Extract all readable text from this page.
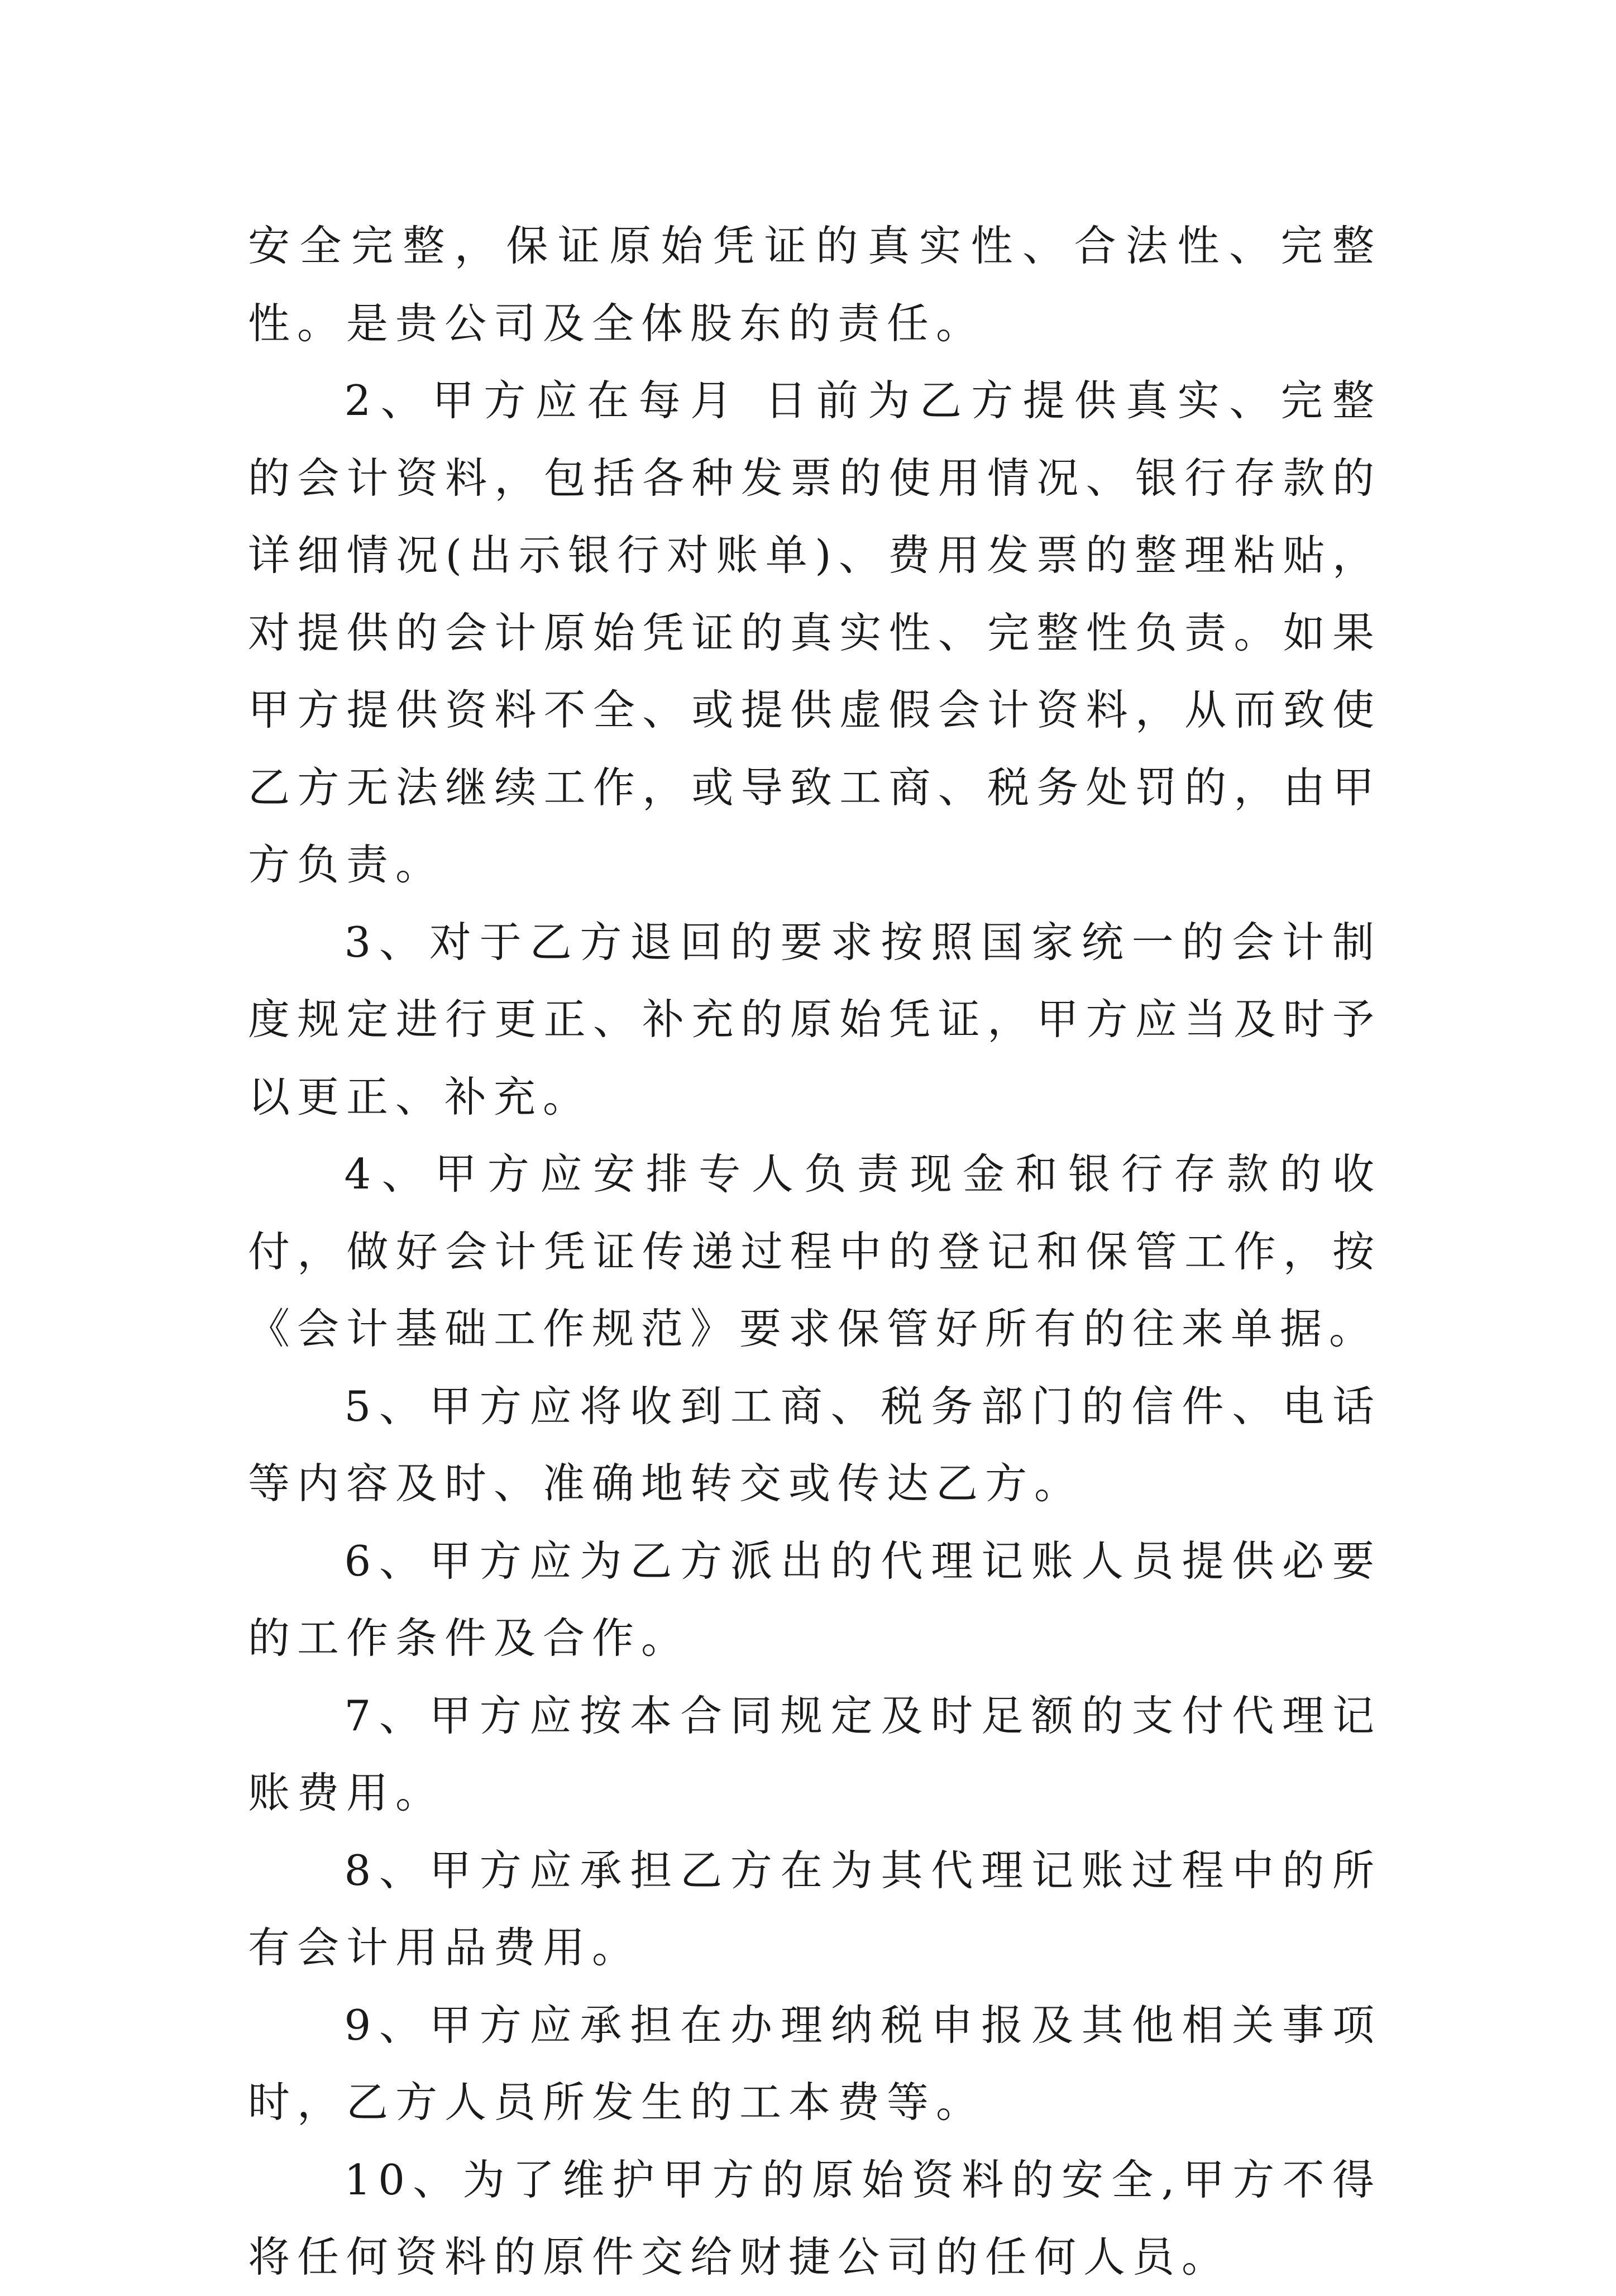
安全完整，保证原始凭证的真实性、合法性、完整性。是贵公司及全体股东的责任。

2、甲方应在每月 日前为乙方提供真实、完整的会计资料，包括各种发票的使用情况、银行存款的详细情况(出示银行对账单)、费用发票的整理粘贴，对提供的会计原始凭证的真实性、完整性负责。如果甲方提供资料不全、或提供虚假会计资料，从而致使乙方无法继续工作，或导致工商、税务处罚的，由甲方负责。

3、对于乙方退回的要求按照国家统一的会计制度规定进行更正、补充的原始凭证，甲方应当及时予以更正、补充。

4、甲方应安排专人负责现金和银行存款的收付，做好会计凭证传递过程中的登记和保管工作，按《会计基础工作规范》要求保管好所有的往来单据。

5、甲方应将收到工商、税务部门的信件、电话等内容及时、准确地转交或传达乙方。

6、甲方应为乙方派出的代理记账人员提供必要的工作条件及合作。

7、甲方应按本合同规定及时足额的支付代理记账费用。

8、甲方应承担乙方在为其代理记账过程中的所有会计用品费用。

9、甲方应承担在办理纳税申报及其他相关事项时，乙方人员所发生的工本费等。

10、为了维护甲方的原始资料的安全,甲方不得将任何资料的原件交给财捷公司的任何人员。
